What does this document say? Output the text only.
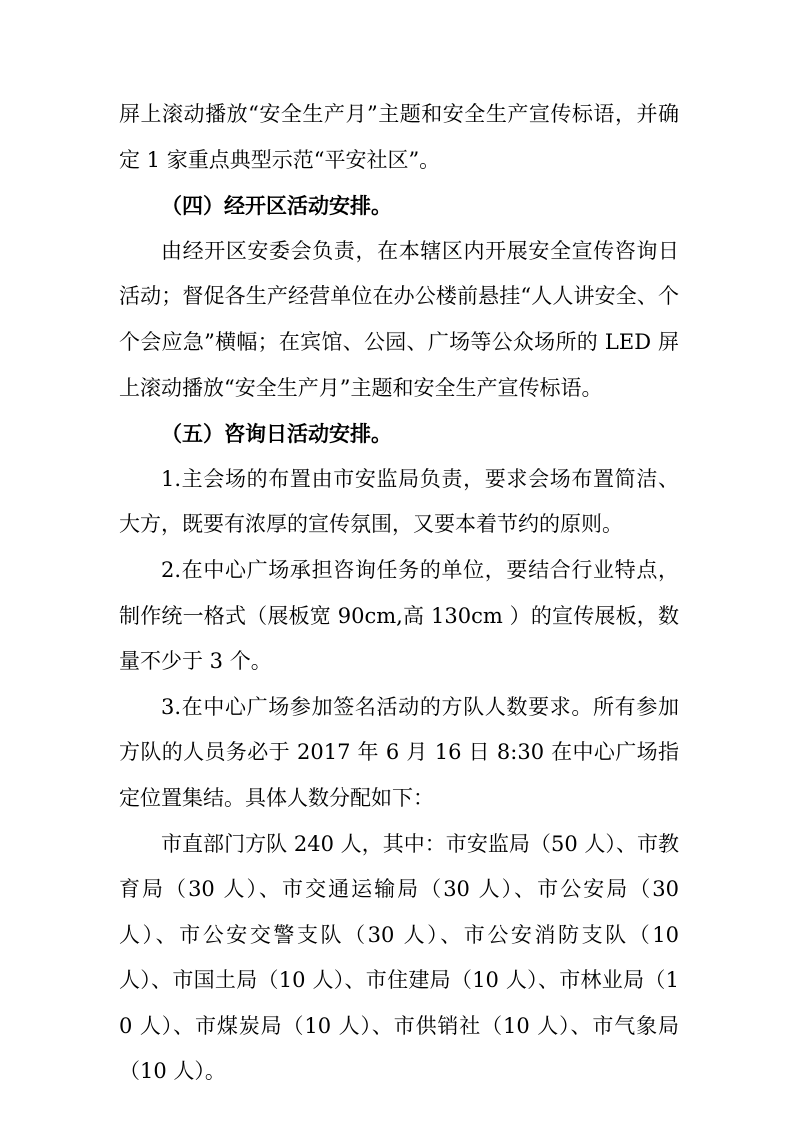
屏上滚动播放“安全生产月”主题和安全生产宣传标语，并确定 1 家重点典型示范“平安社区”。

（四）经开区活动安排。

由经开区安委会负责，在本辖区内开展安全宣传咨询日活动；督促各生产经营单位在办公楼前悬挂“人人讲安全、个个会应急”横幅；在宾馆、公园、广场等公众场所的 LED 屏上滚动播放“安全生产月”主题和安全生产宣传标语。

（五）咨询日活动安排。

1.主会场的布置由市安监局负责，要求会场布置简洁、大方，既要有浓厚的宣传氛围，又要本着节约的原则。

2.在中心广场承担咨询任务的单位，要结合行业特点，制作统一格式（展板宽 90cm,高 130cm ）的宣传展板，数量不少于 3 个。

3.在中心广场参加签名活动的方队人数要求。所有参加方队的人员务必于 2017 年 6 月 16 日 8:30 在中心广场指定位置集结。具体人数分配如下：

市直部门方队 240 人，其中：市安监局（50 人）、市教育局（30 人）、市交通运输局（30 人）、市公安局（30 人）、市公安交警支队（30 人）、市公安消防支队（10 人）、市国土局（10 人）、市住建局（10 人）、市林业局（10 人）、市煤炭局（10 人）、市供销社（10 人）、市气象局（10 人）。
